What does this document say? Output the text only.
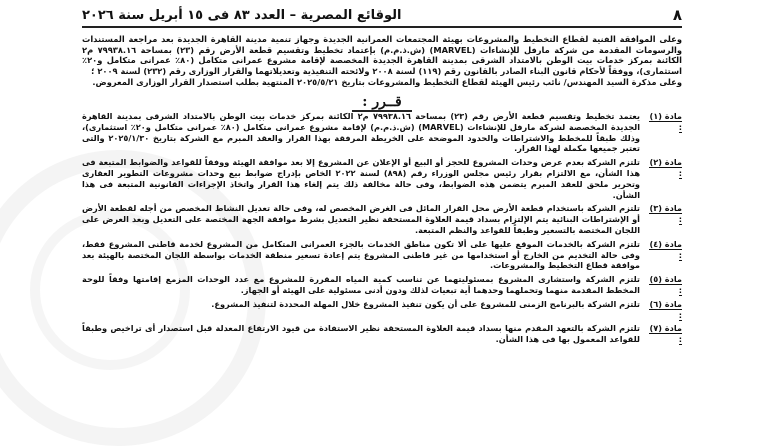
٨
الوقائع المصرية – العدد ٨٣ فى ١٥ أبريل سنة ٢٠٢٦

وعلى الموافقة الفنية لقطاع التخطيط والمشروعات بهيئة المجتمعات العمرانية الجديدة وجهاز تنمية مدينة القاهرة الجديدة بعد مراجعة المستندات والرسومات المقدمة من شركة مارفل للإنشاءات (MARVEL) (ش.ذ.م.م) بإعتماد تخطيط وتقسيم قطعة الأرض رقم (٢٣) بمساحة ٧٩٩٣٨.١٦ م٢ الكائنة بمركز خدمات بيت الوطن بالامتداد الشرقى بمدينة القاهرة الجديدة المخصصة لإقامة مشروع عمرانى متكامل (٨٠٪ عمرانى متكامل و٢٠٪ استثمارى)، ووفقاً لأحكام قانون البناء الصادر بالقانون رقم (١١٩) لسنة ٢٠٠٨ ولائحته التنفيذية وتعديلاتهما والقرار الوزارى رقم (٢٣٢) لسنة ٢٠٠٩ ؛

وعلى مذكرة السيد المهندس/ نائب رئيس الهيئة لقطاع التخطيط والمشروعات بتاريخ ٢٠٢٥/٥/٢١ المنتهية بطلب استصدار القرار الوزارى المعروض.

قــرر :
مادة (١) :

يعتمد تخطيط وتقسيم قطعة الأرض رقم (٢٣) بمساحة ٧٩٩٣٨.١٦ م٢ الكائنة بمركز خدمات بيت الوطن بالامتداد الشرقى بمدينة القاهرة الجديدة المخصصة لشركة مارفل للإنشاءات (MARVEL) (ش.ذ.م.م) لإقامة مشروع عمرانى متكامل (٨٠٪ عمرانى متكامل و٢٠٪ استثمارى)، وذلك طبقاً للمخطط والاشتراطات والحدود الموضحة على الخريطة المرفقة بهذا القرار والعقد المبرم مع الشركة بتاريخ ٢٠٢٥/١/٣٠ والتى تعتبر جميعها مكملة لهذا القرار.

مادة (٢) :

تلتزم الشركة بعدم عرض وحدات المشروع للحجز أو البيع أو الإعلان عن المشروع إلا بعد موافقة الهيئة ووفقاً للقواعد والضوابط المتبعة فى هذا الشأن، مع الالتزام بقرار رئيس مجلس الوزراء رقم (٨٩٨) لسنة ٢٠٢٢ الخاص بإدراج ضوابط بيع وحدات مشروعات التطوير العقارى وتحرير ملحق للعقد المبرم يتضمن هذه الضوابط، وفى حالة مخالفة ذلك يتم إلغاء هذا القرار واتخاذ الإجراءات القانونية المتبعة فى هذا الشأن.

مادة (٣) :

تلتزم الشركة باستخدام قطعة الأرض محل القرار المائل فى الغرض المخصص له، وفى حالة تعديل النشاط المخصص من أجله لقطعة الأرض أو الإشتراطات البنائية يتم الإلتزام بسداد قيمة العلاوة المستحقة نظير التعديل بشرط موافقة الجهة المختصة على التعديل وبعد العرض على اللجان المختصة بالتسعير وطبقاً للقواعد والنظم المتبعة.

مادة (٤) :

تلتزم الشركة بالخدمات الموقع عليها على ألا تكون مناطق الخدمات بالجزء العمرانى المتكامل من المشروع لخدمة قاطنى المشروع فقط، وفى حالة التخديم من الخارج أو استخدامها من غير قاطنى المشروع يتم إعادة تسعير منطقة الخدمات بواسطة اللجان المختصة بالهيئة بعد موافقة قطاع التخطيط والمشروعات.

مادة (٥) :

تلتزم الشركة واستشارى المشروع بمسئوليتهما عن تناسب كمية المياه المقررة للمشروع مع عدد الوحدات المزمع إقامتها وفقاً للوحة المخطط المقدمة منهما وتحملهما وحدهما أية تبعيات لذلك ودون أدنى مسئولية على الهيئة أو الجهاز.

مادة (٦) :

تلتزم الشركة بالبرنامج الزمنى للمشروع على أن يكون تنفيذ المشروع خلال المهلة المحددة لتنفيذ المشروع.

مادة (٧) :

تلتزم الشركة بالتعهد المقدم منها بسداد قيمة العلاوة المستحقة نظير الاستفادة من قيود الارتفاع المعدلة قبل استصدار أى تراخيص وطبقاً للقواعد المعمول بها فى هذا الشأن.
